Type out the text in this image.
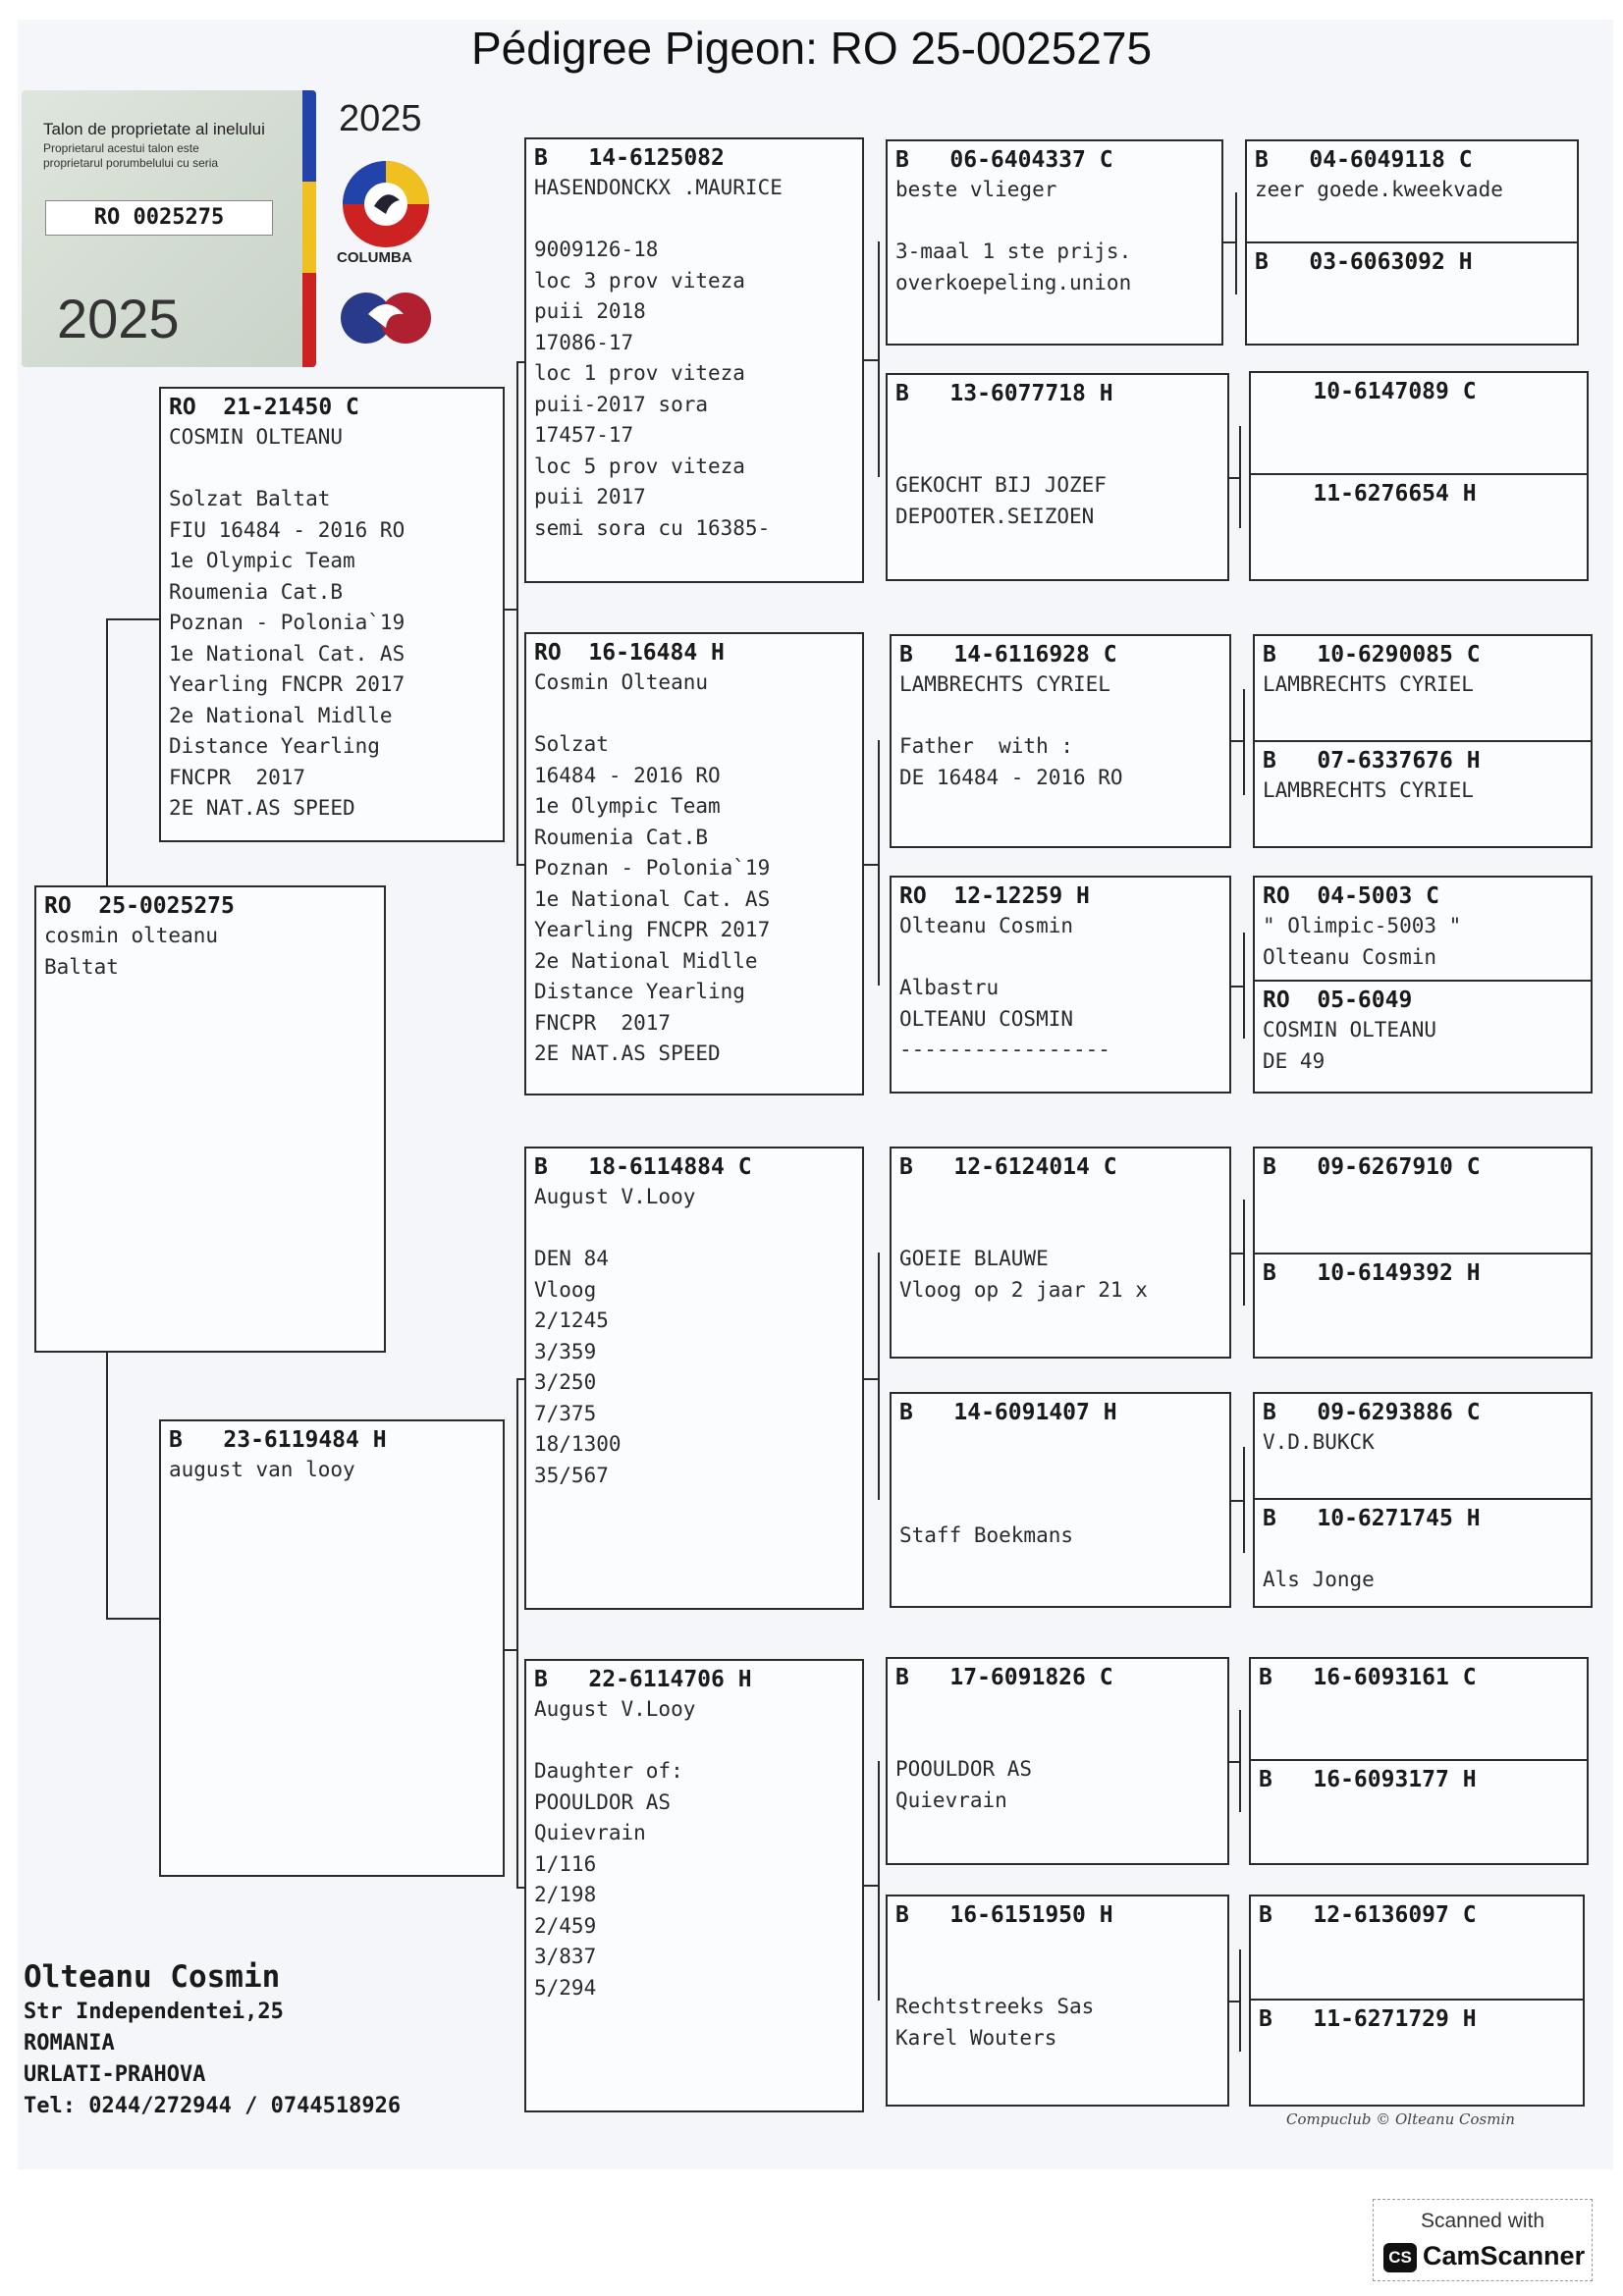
Pédigree Pigeon: RO 25-0025275
Talon de proprietate al inelului
Proprietarul acestui talon este proprietarul porumbelului cu seria
RO 0025275
2025
2025
COLUMBA
RO  25-0025275
cosmin olteanu
Baltat
RO  21-21450 C
COSMIN OLTEANU
Solzat Baltat
FIU 16484 - 2016 RO
1e Olympic Team
Roumenia Cat.B
Poznan - Polonia`19
1e National Cat. AS
Yearling FNCPR 2017
2e National Midlle
Distance Yearling
FNCPR  2017
2E NAT.AS SPEED
B   23-6119484 H
august van looy
B   14-6125082
HASENDONCKX .MAURICE
9009126-18
loc 3 prov viteza
puii 2018
17086-17
loc 1 prov viteza
puii-2017 sora
17457-17
loc 5 prov viteza
puii 2017
semi sora cu 16385-
RO  16-16484 H
Cosmin Olteanu
Solzat
16484 - 2016 RO
1e Olympic Team
Roumenia Cat.B
Poznan - Polonia`19
1e National Cat. AS
Yearling FNCPR 2017
2e National Midlle
Distance Yearling
FNCPR  2017
2E NAT.AS SPEED
B   18-6114884 C
August V.Looy
DEN 84
Vloog
2/1245
3/359
3/250
7/375
18/1300
35/567
B   22-6114706 H
August V.Looy
Daughter of:
POOULDOR AS
Quievrain
1/116
2/198
2/459
3/837
5/294
B   06-6404337 C
beste vlieger
3-maal 1 ste prijs.
overkoepeling.union
B   13-6077718 H
GEKOCHT BIJ JOZEF
DEPOOTER.SEIZOEN
B   14-6116928 C
LAMBRECHTS CYRIEL
Father  with :
DE 16484 - 2016 RO
RO  12-12259 H
Olteanu Cosmin
Albastru
OLTEANU COSMIN
-----------------
B   12-6124014 C
GOEIE BLAUWE
Vloog op 2 jaar 21 x
B   14-6091407 H
Staff Boekmans
B   17-6091826 C
POOULDOR AS
Quievrain
B   16-6151950 H
Rechtstreeks Sas
Karel Wouters
B   04-6049118 C
zeer goede.kweekvade
B   03-6063092 H
10-6147089 C
11-6276654 H
B   10-6290085 C
LAMBRECHTS CYRIEL
B   07-6337676 H
LAMBRECHTS CYRIEL
RO  04-5003 C
" Olimpic-5003 "
Olteanu Cosmin
RO  05-6049
COSMIN OLTEANU
DE 49
B   09-6267910 C
B   10-6149392 H
B   09-6293886 C
V.D.BUKCK
B   10-6271745 H
Als Jonge
B   16-6093161 C
B   16-6093177 H
B   12-6136097 C
B   11-6271729 H
Olteanu Cosmin
Str Independentei,25
ROMANIA
URLATI-PRAHOVA
Tel: 0244/272944 / 0744518926
Compuclub © Olteanu Cosmin
Scanned with
CS CamScanner
